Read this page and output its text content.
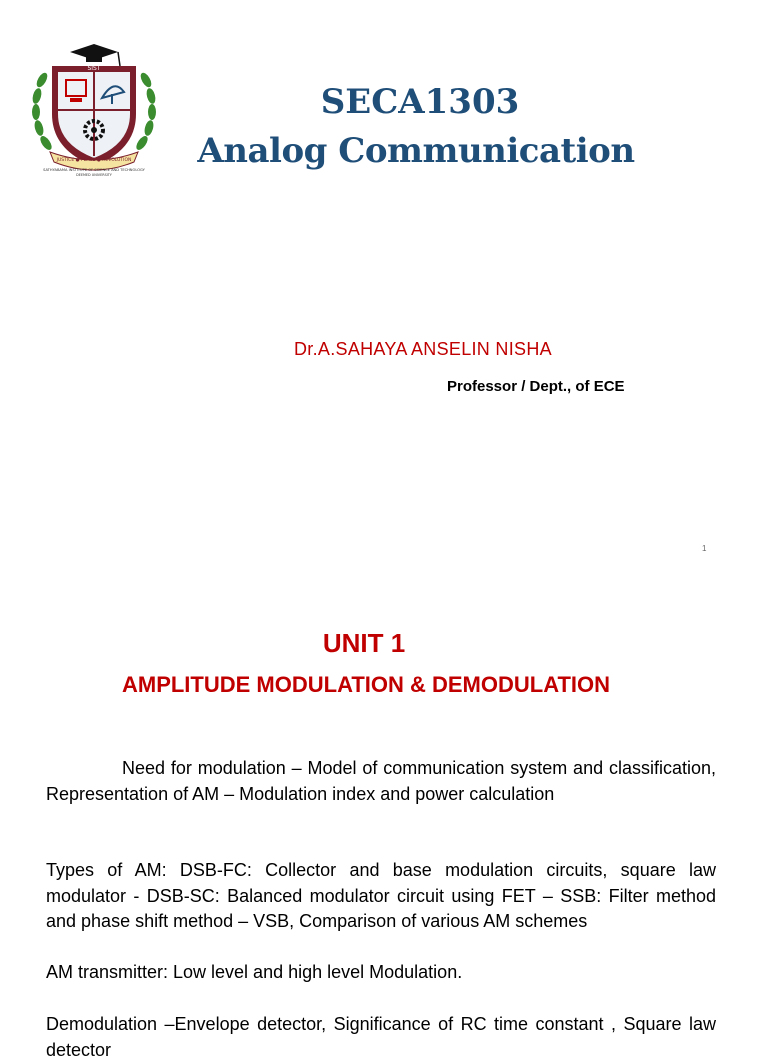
SIST
JUSTICE ● PEACE ● REVOLUTION
SATHYABAMA INSTITUTE OF SCIENCE AND TECHNOLOGY
DEEMED UNIVERSITY
SECA1303
Analog Communication
Dr.A.SAHAYA ANSELIN NISHA
Professor / Dept., of ECE
1
UNIT 1
AMPLITUDE MODULATION & DEMODULATION
Need for modulation – Model of communication system and classification, Representation of AM – Modulation index and power calculation
Types of AM: DSB-FC: Collector and base modulation circuits, square law modulator - DSB-SC: Balanced modulator circuit using FET – SSB: Filter method and phase shift method – VSB, Comparison of various AM schemes
AM transmitter: Low level and high level Modulation.
Demodulation –Envelope detector, Significance of RC time constant , Square law detector
